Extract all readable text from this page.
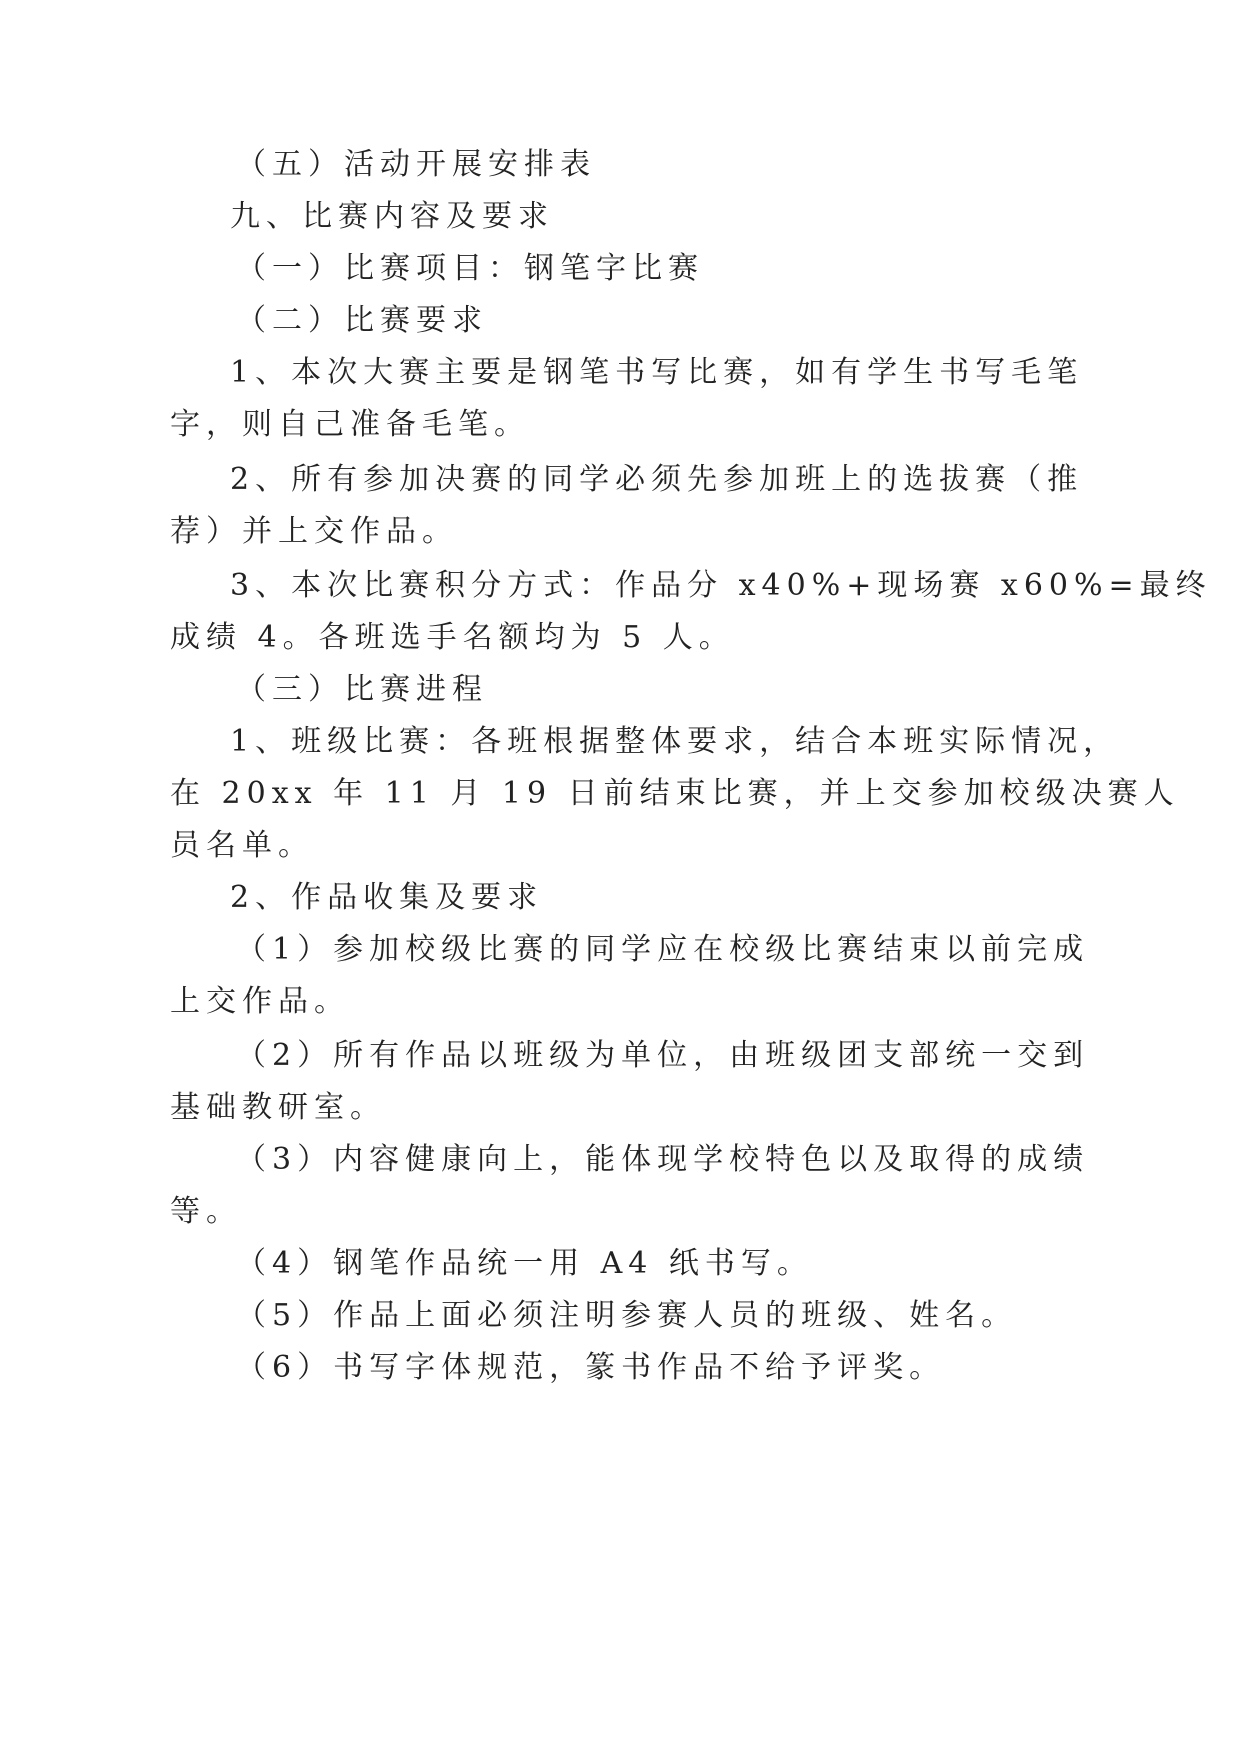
（五）活动开展安排表
九、比赛内容及要求
（一）比赛项目：钢笔字比赛
（二）比赛要求
1、本次大赛主要是钢笔书写比赛，如有学生书写毛笔
字，则自己准备毛笔。
2、所有参加决赛的同学必须先参加班上的选拔赛（推
荐）并上交作品。
3、本次比赛积分方式：作品分 x40%+现场赛 x60%=最终
成绩 4。各班选手名额均为 5 人。
（三）比赛进程
1、班级比赛：各班根据整体要求，结合本班实际情况，
在 20xx 年 11 月 19 日前结束比赛，并上交参加校级决赛人
员名单。
2、作品收集及要求
（1）参加校级比赛的同学应在校级比赛结束以前完成
上交作品。
（2）所有作品以班级为单位，由班级团支部统一交到
基础教研室。
（3）内容健康向上，能体现学校特色以及取得的成绩
等。
（4）钢笔作品统一用 A4 纸书写。
（5）作品上面必须注明参赛人员的班级、姓名。
（6）书写字体规范，篆书作品不给予评奖。
